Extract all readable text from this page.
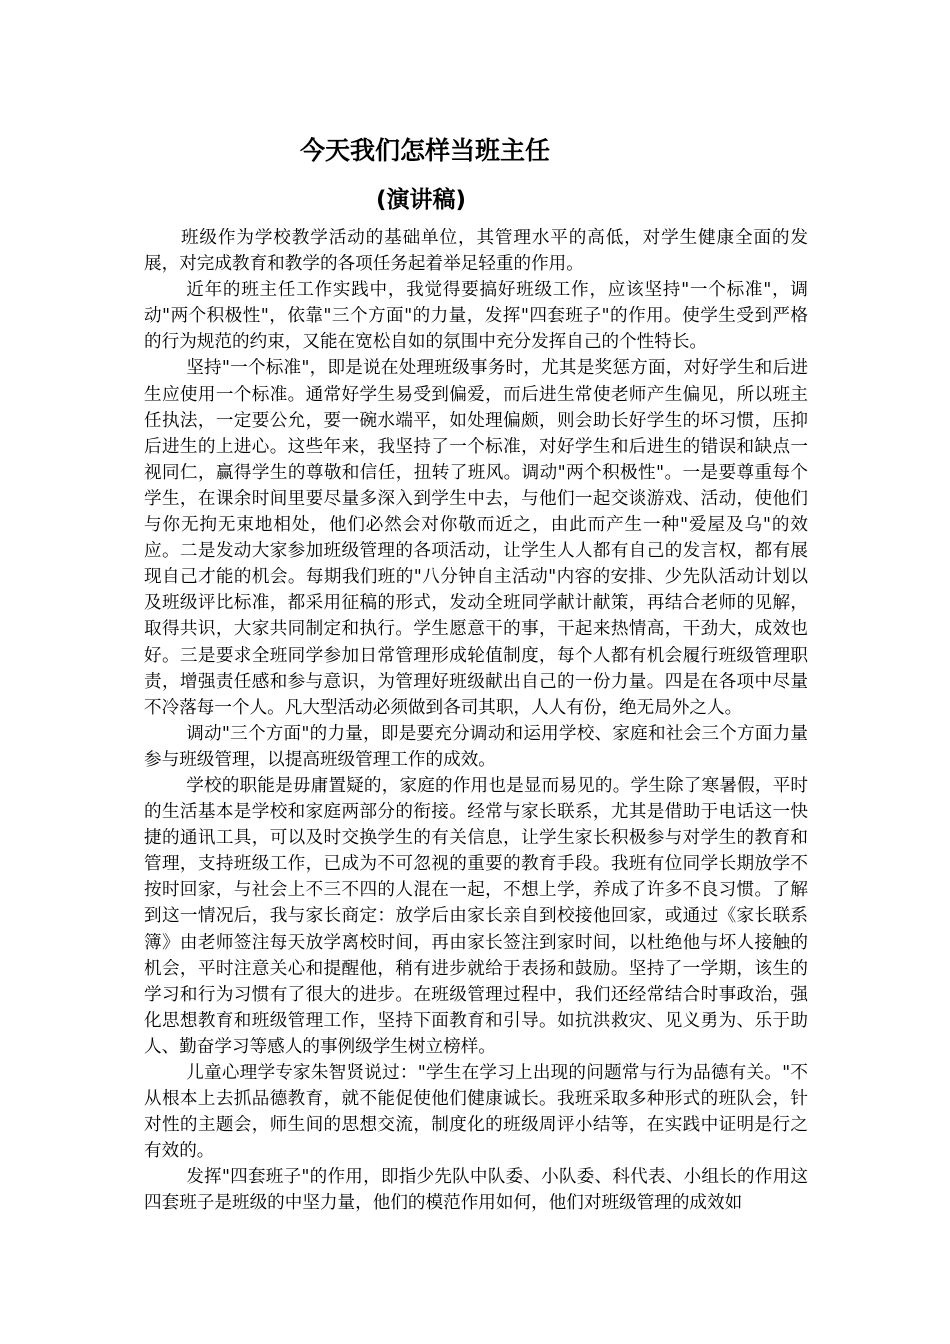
今天我们怎样当班主任
(演讲稿)

班级作为学校教学活动的基础单位，其管理水平的高低，对学生健康全面的发展，对完成教育和教学的各项任务起着举足轻重的作用。

近年的班主任工作实践中，我觉得要搞好班级工作，应该坚持"一个标准"，调动"两个积极性"，依靠"三个方面"的力量，发挥"四套班子"的作用。使学生受到严格的行为规范的约束，又能在宽松自如的氛围中充分发挥自己的个性特长。

坚持"一个标准"，即是说在处理班级事务时，尤其是奖惩方面，对好学生和后进生应使用一个标准。通常好学生易受到偏爱，而后进生常使老师产生偏见，所以班主任执法，一定要公允，要一碗水端平，如处理偏颇，则会助长好学生的坏习惯，压抑后进生的上进心。这些年来，我坚持了一个标准，对好学生和后进生的错误和缺点一视同仁，赢得学生的尊敬和信任，扭转了班风。调动"两个积极性"。一是要尊重每个学生，在课余时间里要尽量多深入到学生中去，与他们一起交谈游戏、活动，使他们与你无拘无束地相处，他们必然会对你敬而近之，由此而产生一种"爱屋及乌"的效应。二是发动大家参加班级管理的各项活动，让学生人人都有自己的发言权，都有展现自己才能的机会。每期我们班的"八分钟自主活动"内容的安排、少先队活动计划以及班级评比标准，都采用征稿的形式，发动全班同学献计献策，再结合老师的见解，取得共识，大家共同制定和执行。学生愿意干的事，干起来热情高，干劲大，成效也好。三是要求全班同学参加日常管理形成轮值制度，每个人都有机会履行班级管理职责，增强责任感和参与意识，为管理好班级献出自己的一份力量。四是在各项中尽量不冷落每一个人。凡大型活动必须做到各司其职，人人有份，绝无局外之人。

调动"三个方面"的力量，即是要充分调动和运用学校、家庭和社会三个方面力量参与班级管理，以提高班级管理工作的成效。

学校的职能是毋庸置疑的，家庭的作用也是显而易见的。学生除了寒暑假，平时的生活基本是学校和家庭两部分的衔接。经常与家长联系，尤其是借助于电话这一快捷的通讯工具，可以及时交换学生的有关信息，让学生家长积极参与对学生的教育和管理，支持班级工作，已成为不可忽视的重要的教育手段。我班有位同学长期放学不按时回家，与社会上不三不四的人混在一起，不想上学，养成了许多不良习惯。了解到这一情况后，我与家长商定：放学后由家长亲自到校接他回家，或通过《家长联系簿》由老师签注每天放学离校时间，再由家长签注到家时间，以杜绝他与坏人接触的机会，平时注意关心和提醒他，稍有进步就给于表扬和鼓励。坚持了一学期，该生的学习和行为习惯有了很大的进步。在班级管理过程中，我们还经常结合时事政治，强化思想教育和班级管理工作，坚持下面教育和引导。如抗洪救灾、见义勇为、乐于助人、勤奋学习等感人的事例级学生树立榜样。

儿童心理学专家朱智贤说过："学生在学习上出现的问题常与行为品德有关。"不从根本上去抓品德教育，就不能促使他们健康诚长。我班采取多种形式的班队会，针对性的主题会，师生间的思想交流，制度化的班级周评小结等，在实践中证明是行之有效的。

发挥"四套班子"的作用，即指少先队中队委、小队委、科代表、小组长的作用这四套班子是班级的中坚力量，他们的模范作用如何，他们对班级管理的成效如
